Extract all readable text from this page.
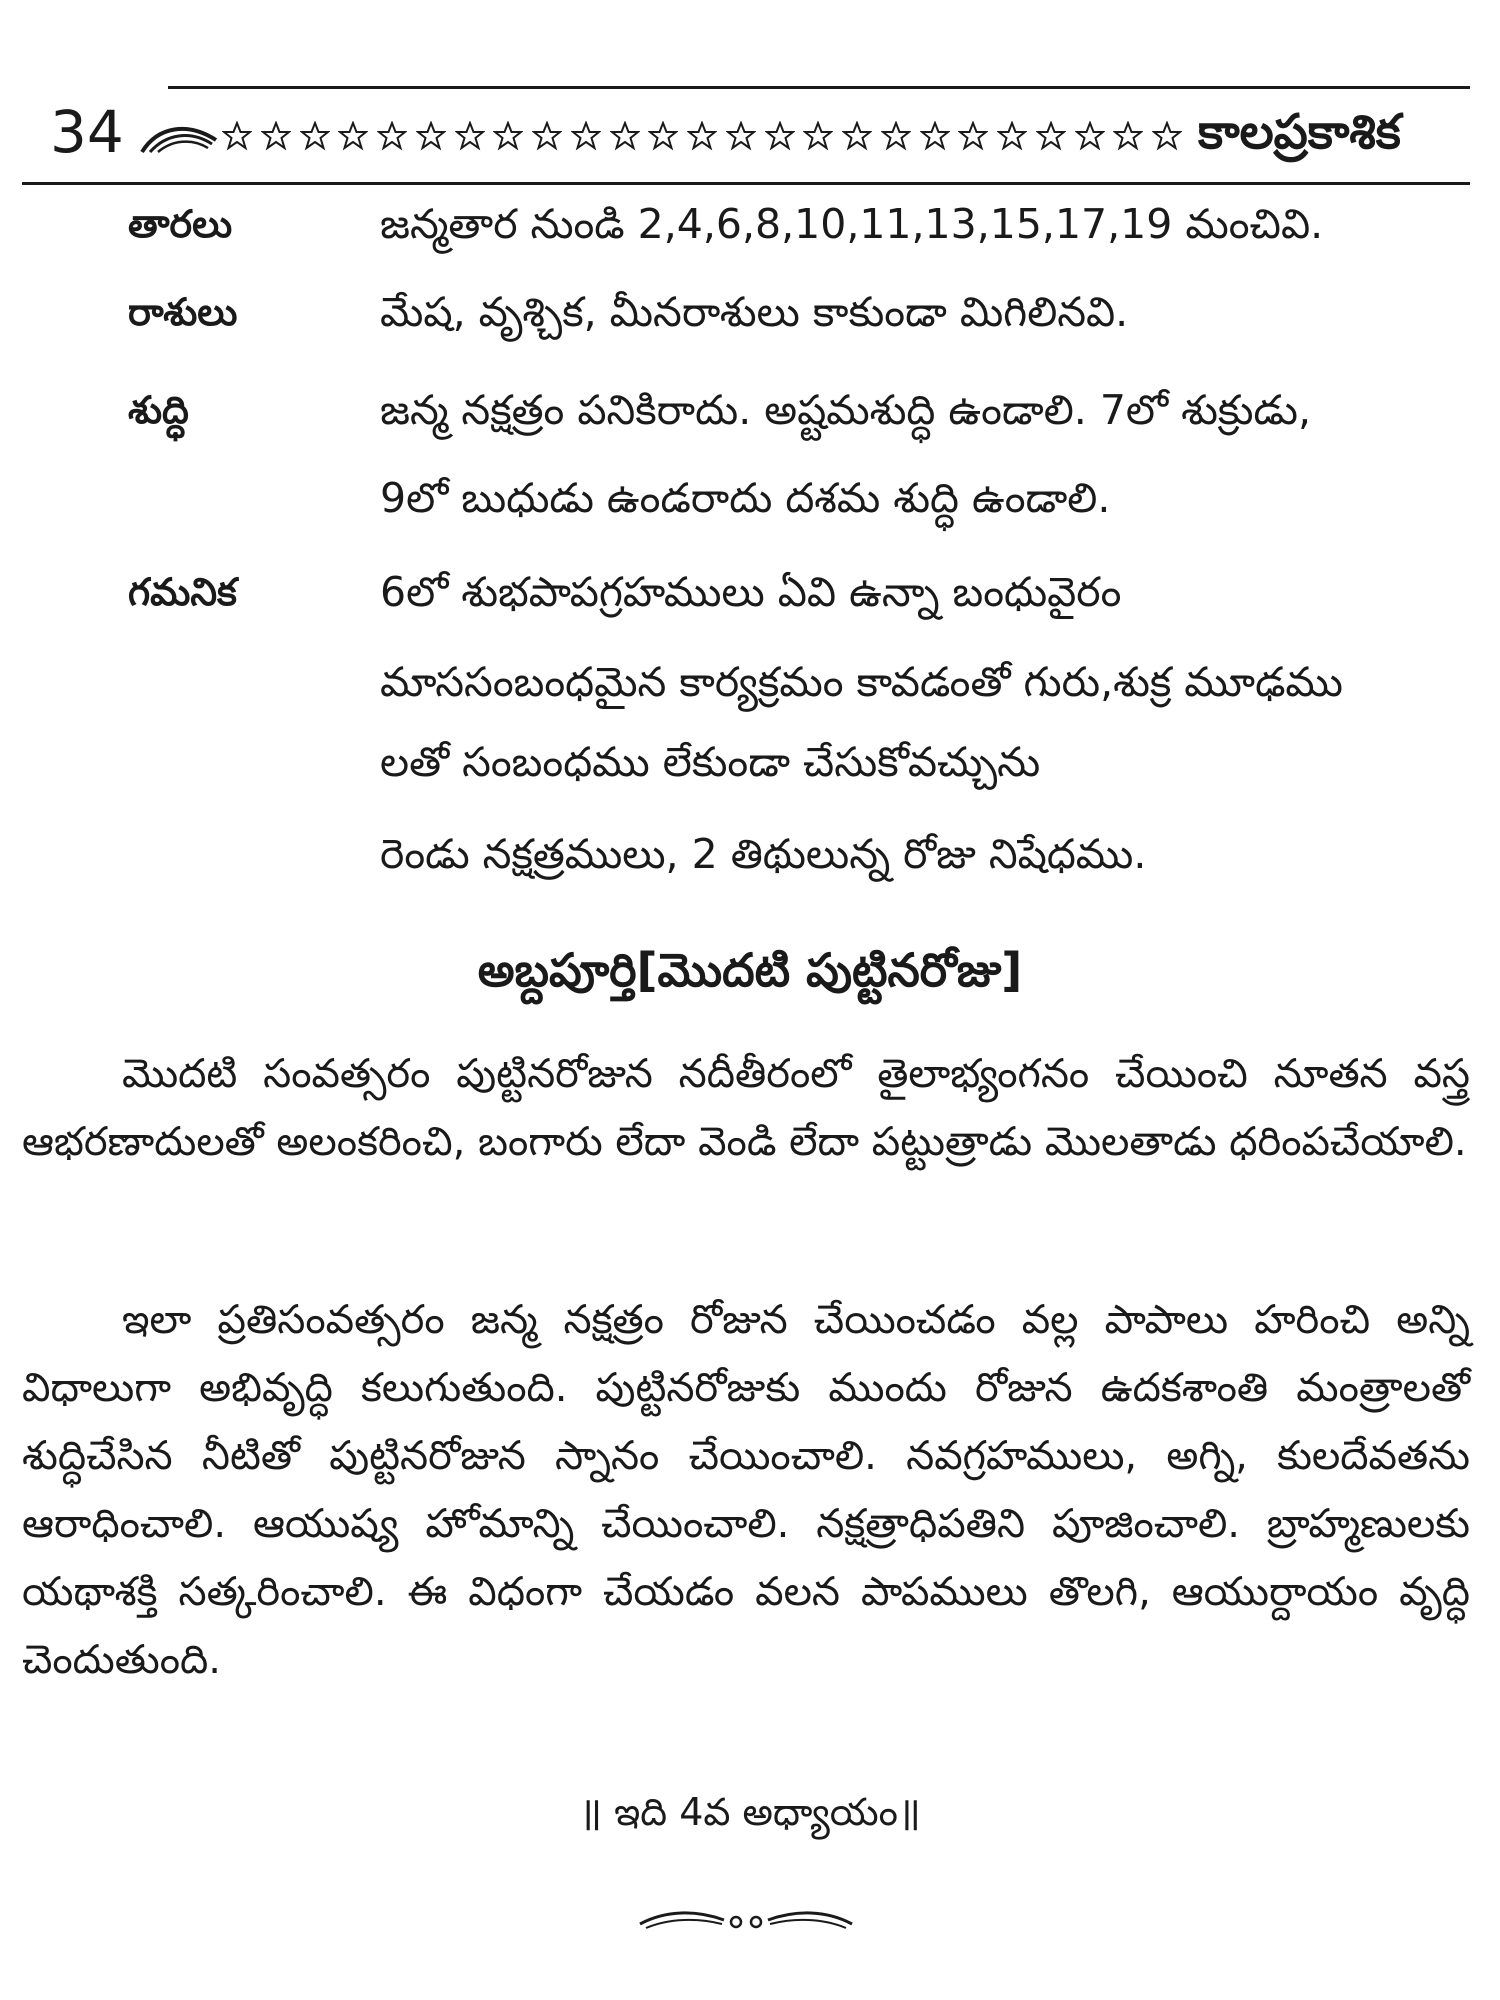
34	కాలప్రకాశిక
తారలు	జన్మతార నుండి 2,4,6,8,10,11,13,15,17,19 మంచివి.
రాశులు	మేష, వృశ్చిక, మీనరాశులు కాకుండా మిగిలినవి.
శుద్ధి	జన్మ నక్షత్రం పనికిరాదు. అష్టమశుద్ధి ఉండాలి. 7లో శుక్రుడు,
9లో బుధుడు ఉండరాదు దశమ శుద్ధి ఉండాలి.
గమనిక	6లో శుభపాపగ్రహములు ఏవి ఉన్నా బంధువైరం
మాససంబంధమైన కార్యక్రమం కావడంతో గురు,శుక్ర మూఢము
లతో సంబంధము లేకుండా చేసుకోవచ్చును
రెండు నక్షత్రములు, 2 తిథులున్న రోజు నిషేధము.
అబ్దపూర్తి[మొదటి పుట్టినరోజు]
మొదటి సంవత్సరం పుట్టినరోజున నదీతీరంలో తైలాభ్యంగనం చేయించి నూతన వస్త్ర ఆభరణాదులతో అలంకరించి, బంగారు లేదా వెండి లేదా పట్టుత్రాడు మొలతాడు ధరింపచేయాలి.
ఇలా ప్రతిసంవత్సరం జన్మ నక్షత్రం రోజున చేయించడం వల్ల పాపాలు హరించి అన్ని విధాలుగా అభివృద్ధి కలుగుతుంది. పుట్టినరోజుకు ముందు రోజున ఉదకశాంతి మంత్రాలతో శుద్ధిచేసిన నీటితో పుట్టినరోజున స్నానం చేయించాలి. నవగ్రహములు, అగ్ని, కులదేవతను ఆరాధించాలి. ఆయుష్య హోమాన్ని చేయించాలి. నక్షత్రాధిపతిని పూజించాలి. బ్రాహ్మణులకు యథాశక్తి సత్కరించాలి. ఈ విధంగా చేయడం వలన పాపములు తొలగి, ఆయుర్దాయం వృద్ధి చెందుతుంది.
॥ ఇది 4వ అధ్యాయం॥
